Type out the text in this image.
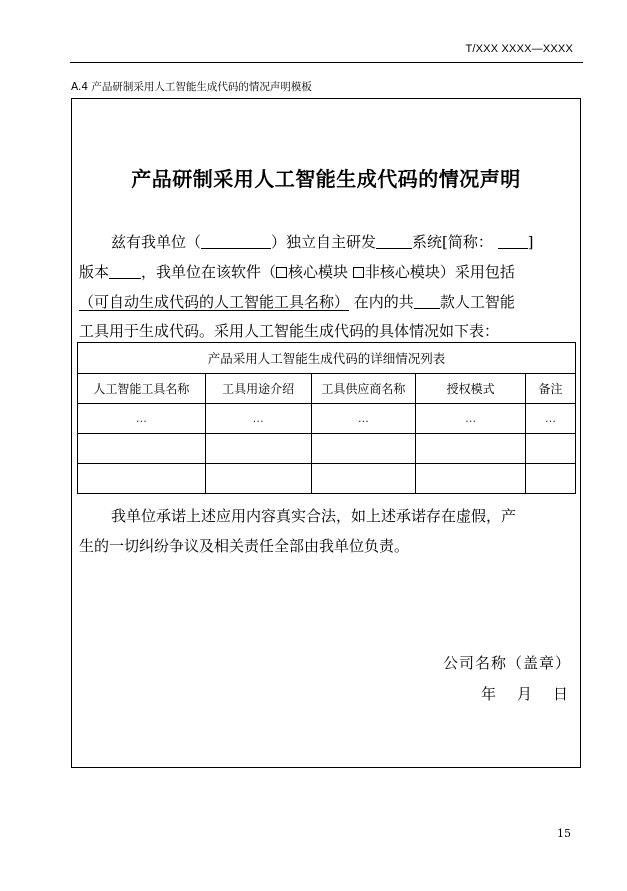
T/XXX XXXX—XXXX
A.4 产品研制采用人工智能生成代码的情况声明模板
产品研制采用人工智能生成代码的情况声明
兹有我单位（	）独立自主研发 系统[简称： ]
版本 ，我单位在该软件（ 核心模块 非核心模块）采用包括
（可自动生成代码的人工智能工具名称） 在内的共 款人工智能
工具用于生成代码。采用人工智能生成代码的具体情况如下表：
产品采用人工智能生成代码的详细情况列表				
人工智能工具名称	工具用途介绍	工具供应商名称	授权模式	备注
…	…	…	…	…

我单位承诺上述应用内容真实合法，如上述承诺存在虚假，产
生的一切纠纷争议及相关责任全部由我单位负责。
公司名称（盖章）
年　月　日
15
